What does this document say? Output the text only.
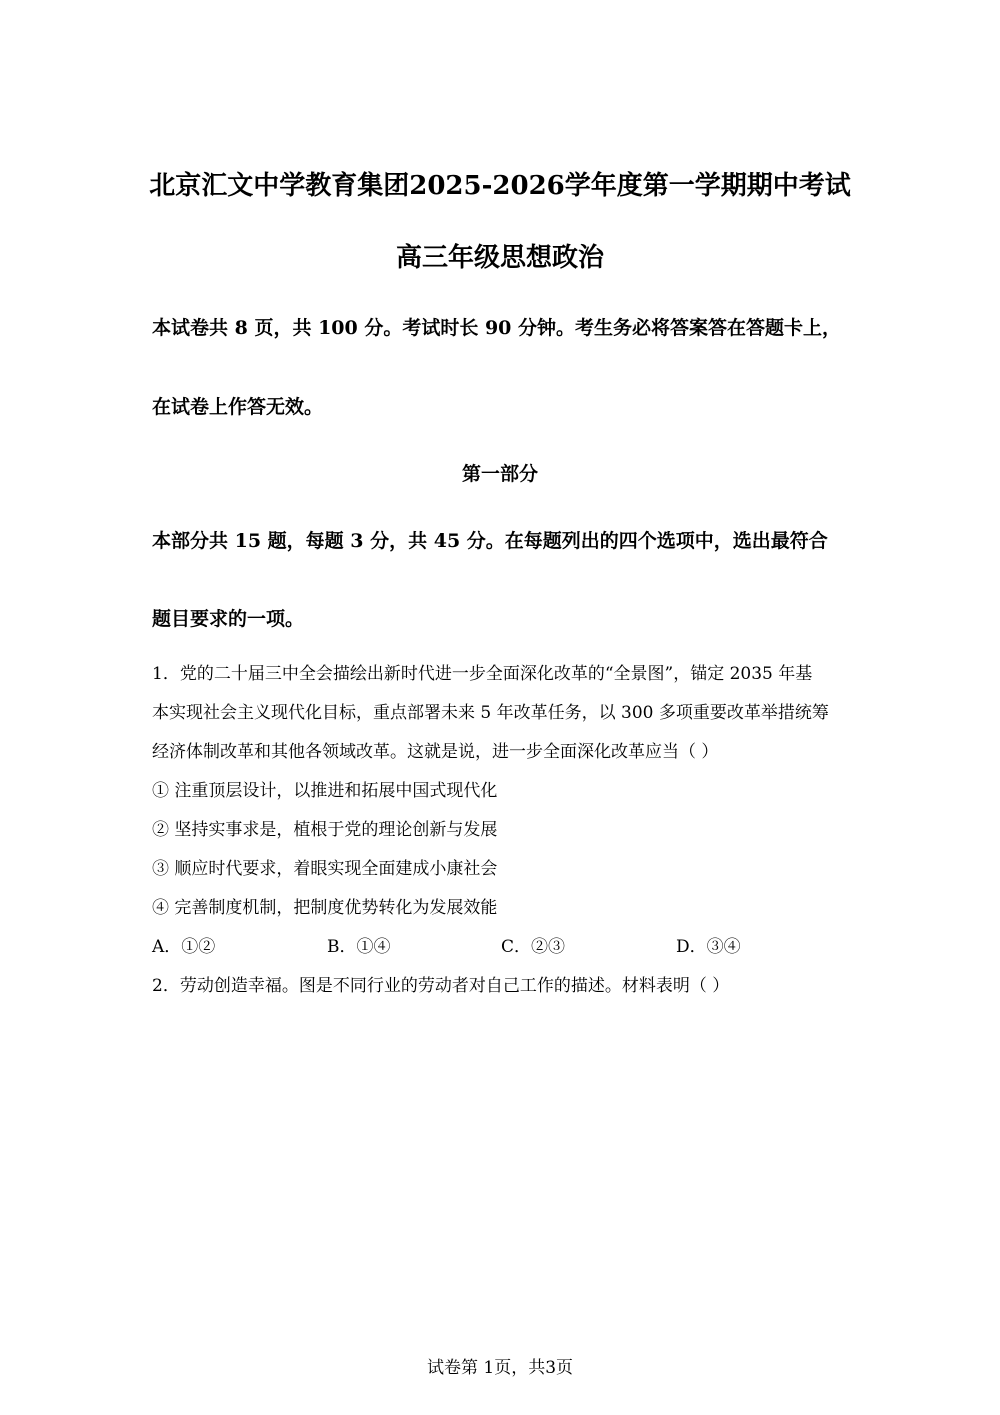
北京汇文中学教育集团2025-2026学年度第一学期期中考试
高三年级思想政治
本试卷共 8 页，共 100 分。考试时长 90 分钟。考生务必将答案答在答题卡上，
在试卷上作答无效。
第一部分
本部分共 15 题，每题 3 分，共 45 分。在每题列出的四个选项中，选出最符合
题目要求的一项。
1．党的二十届三中全会描绘出新时代进一步全面深化改革的“全景图”，锚定 2035 年基
本实现社会主义现代化目标，重点部署未来 5 年改革任务，以 300 多项重要改革举措统筹
经济体制改革和其他各领域改革。这就是说，进一步全面深化改革应当（ ）
① 注重顶层设计，以推进和拓展中国式现代化
② 坚持实事求是，植根于党的理论创新与发展
③ 顺应时代要求，着眼实现全面建成小康社会
④ 完善制度机制，把制度优势转化为发展效能
A．①②	B．①④	C．②③	D．③④
2．劳动创造幸福。图是不同行业的劳动者对自己工作的描述。材料表明（ ）
试卷第 1页，共3页
